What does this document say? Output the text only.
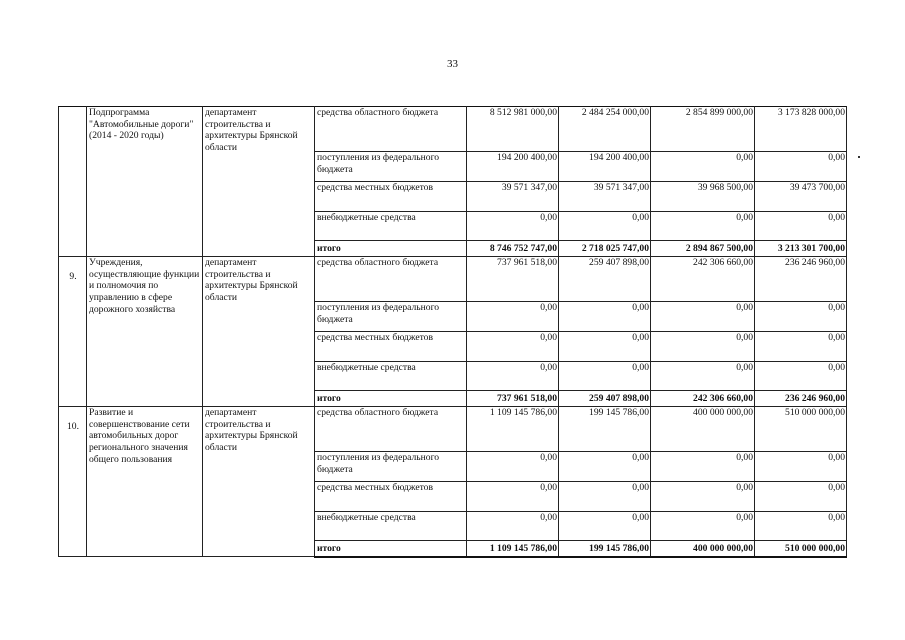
33
	Подпрограмма "Автомобильные дороги" (2014 - 2020 годы)	департамент строительства и архитектуры Брянской области	средства областного бюджета	8 512 981 000,00	2 484 254 000,00	2 854 899 000,00	3 173 828 000,00
			поступления из федерального бюджета	194 200 400,00	194 200 400,00	0,00	0,00
			средства местных бюджетов	39 571 347,00	39 571 347,00	39 968 500,00	39 473 700,00
			внебюджетные средства	0,00	0,00	0,00	0,00
			итого	8 746 752 747,00	2 718 025 747,00	2 894 867 500,00	3 213 301 700,00
9.	Учреждения, осуществляющие функции и полномочия по управлению в сфере дорожного хозяйства	департамент строительства и архитектуры Брянской области	средства областного бюджета	737 961 518,00	259 407 898,00	242 306 660,00	236 246 960,00
			поступления из федерального бюджета	0,00	0,00	0,00	0,00
			средства местных бюджетов	0,00	0,00	0,00	0,00
			внебюджетные средства	0,00	0,00	0,00	0,00
			итого	737 961 518,00	259 407 898,00	242 306 660,00	236 246 960,00
10.	Развитие и совершенствование сети автомобильных дорог регионального значения общего пользования	департамент строительства и архитектуры Брянской области	средства областного бюджета	1 109 145 786,00	199 145 786,00	400 000 000,00	510 000 000,00
			поступления из федерального бюджета	0,00	0,00	0,00	0,00
			средства местных бюджетов	0,00	0,00	0,00	0,00
			внебюджетные средства	0,00	0,00	0,00	0,00
			итого	1 109 145 786,00	199 145 786,00	400 000 000,00	510 000 000,00
